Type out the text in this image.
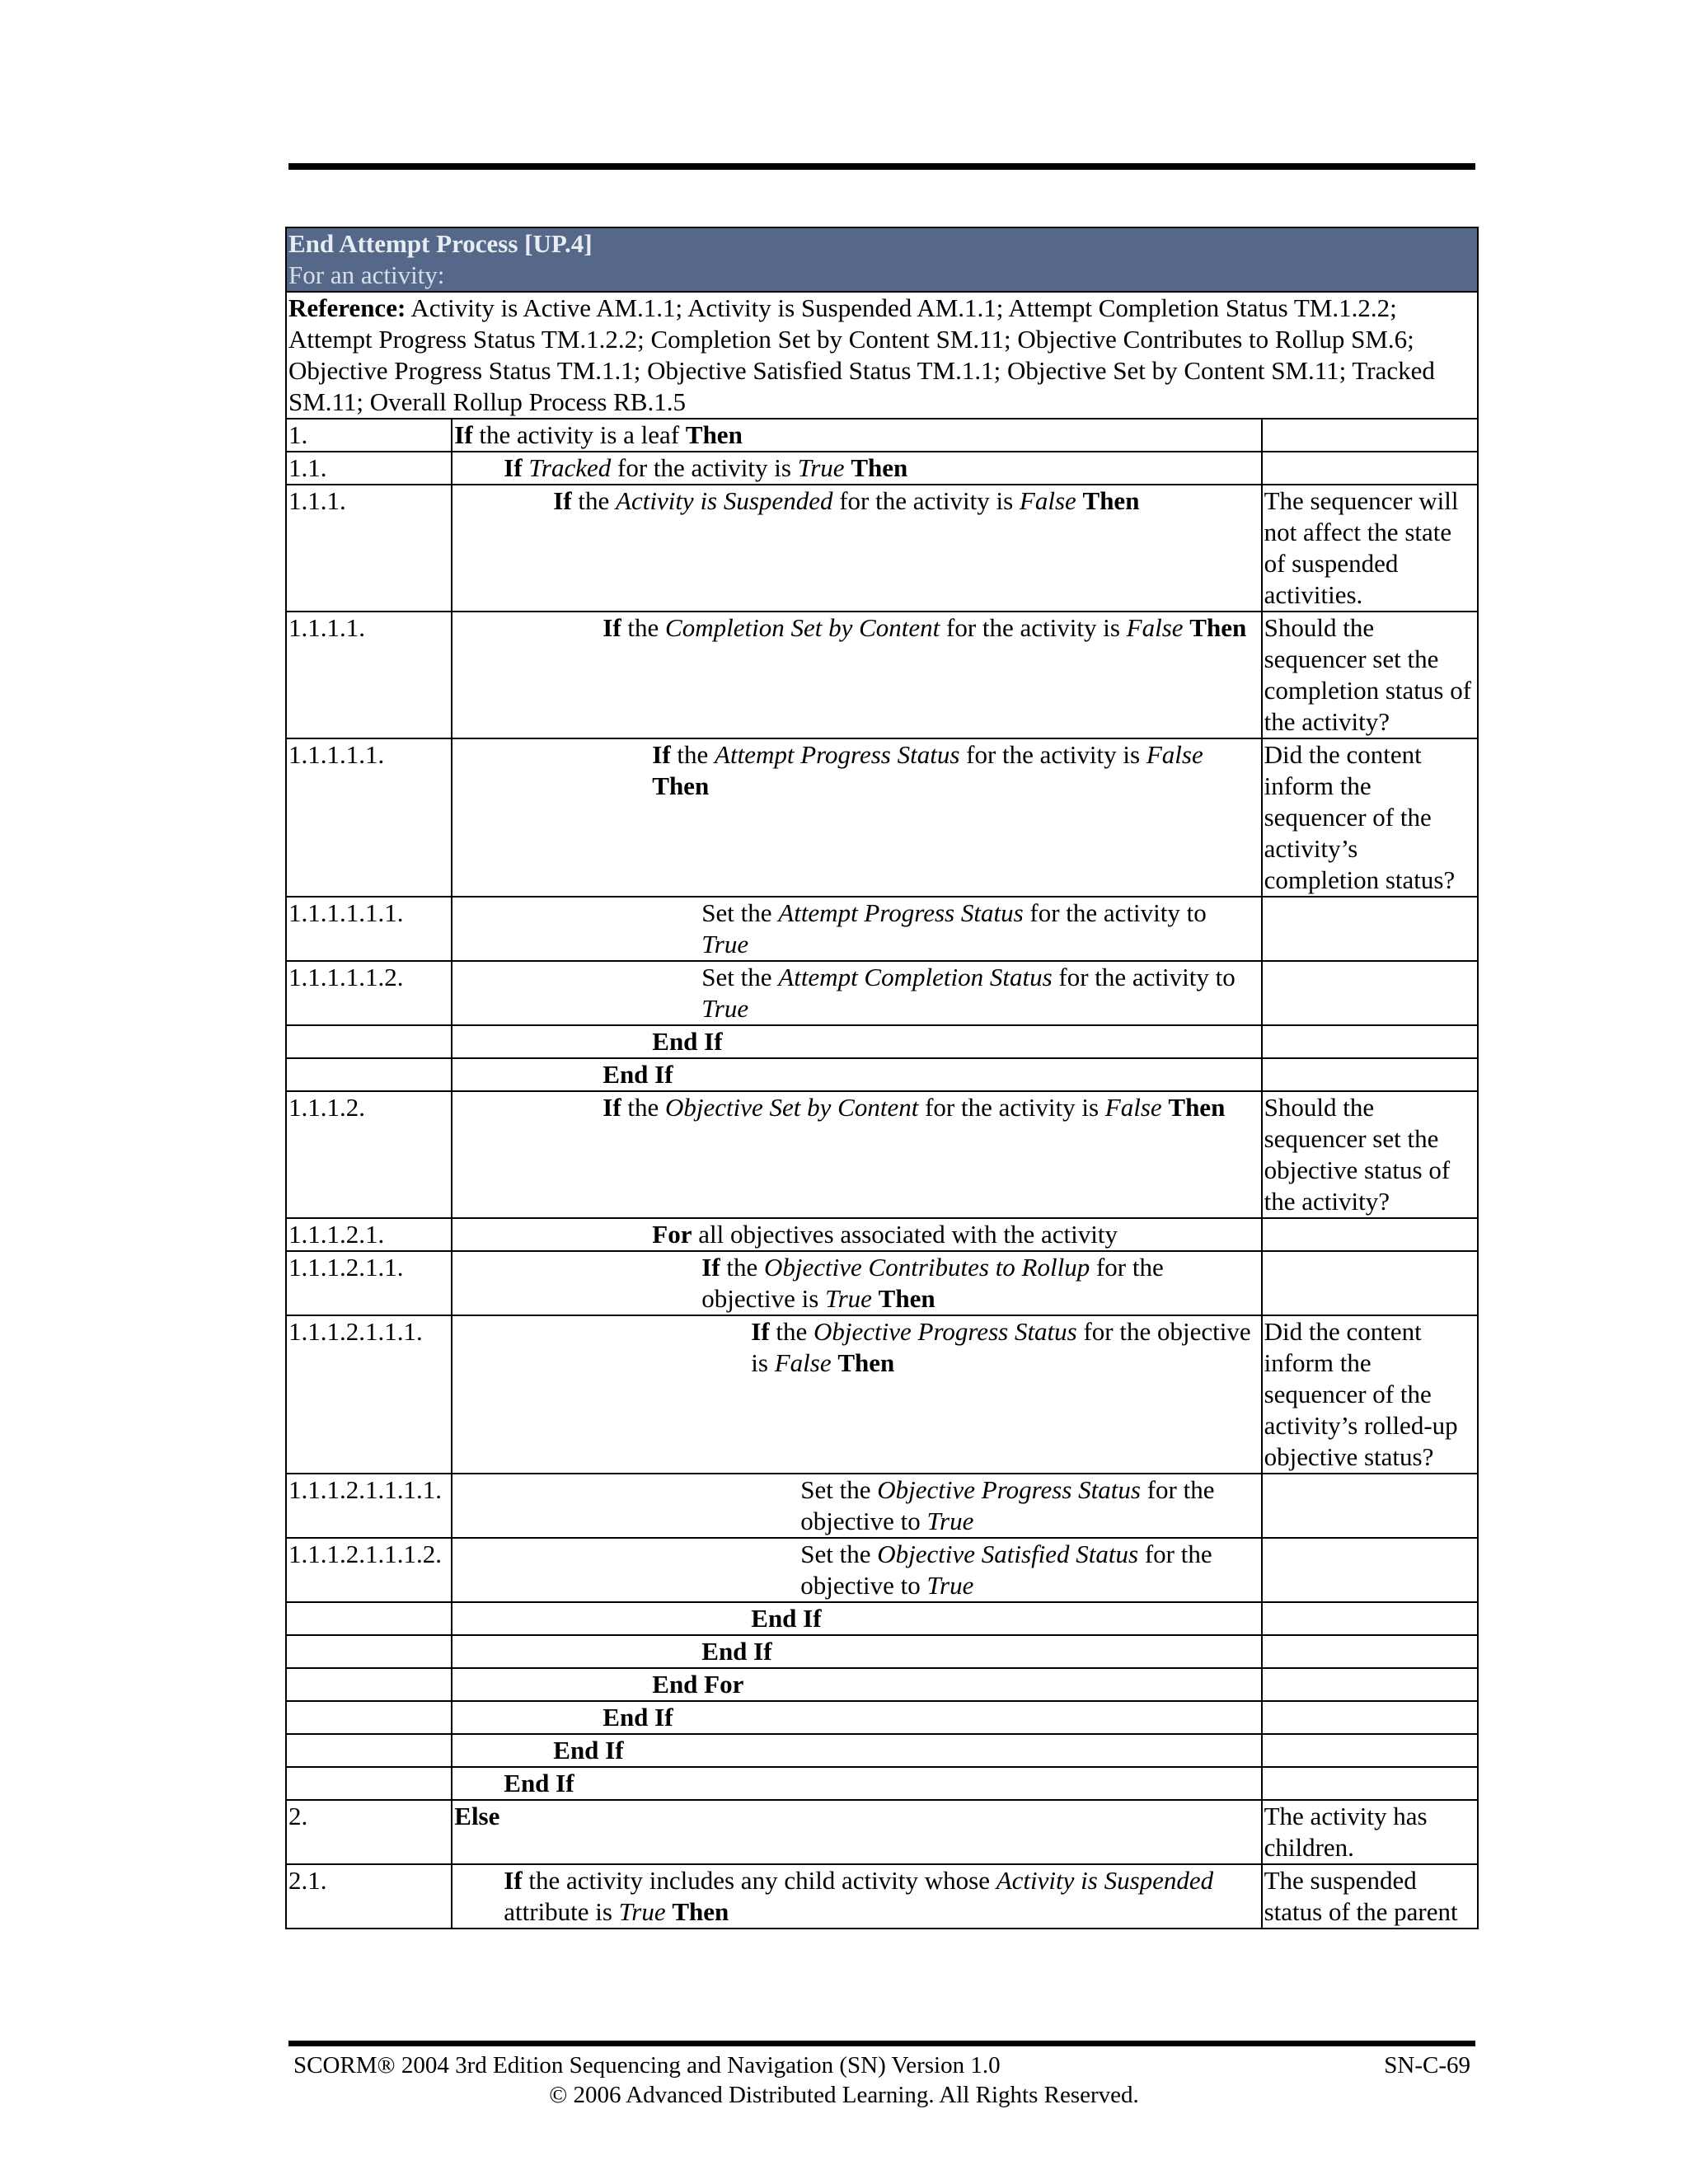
End Attempt Process [UP.4]
For an activity:		

Reference: Activity is Active AM.1.1; Activity is Suspended AM.1.1; Attempt Completion Status TM.1.2.2; Attempt Progress Status TM.1.2.2; Completion Set by Content SM.11; Objective Contributes to Rollup SM.6; Objective Progress Status TM.1.1; Objective Satisfied Status TM.1.1; Objective Set by Content SM.11; Tracked SM.11; Overall Rollup Process RB.1.5		
1.	If the activity is a leaf Then	
1.1.	If Tracked for the activity is True Then	
1.1.1.	If the Activity is Suspended for the activity is False Then	The sequencer will not affect the state of suspended activities.
1.1.1.1.	If the Completion Set by Content for the activity is False Then	Should the sequencer set the completion status of the activity?
1.1.1.1.1.	If the Attempt Progress Status for the activity is False Then	Did the content inform the sequencer of the activity’s completion status?
1.1.1.1.1.1.	Set the Attempt Progress Status for the activity to True	
1.1.1.1.1.2.	Set the Attempt Completion Status for the activity to True	
	End If	
	End If	
1.1.1.2.	If the Objective Set by Content for the activity is False Then	Should the sequencer set the objective status of the activity?
1.1.1.2.1.	For all objectives associated with the activity	
1.1.1.2.1.1.	If the Objective Contributes to Rollup for the objective is True Then	
1.1.1.2.1.1.1.	If the Objective Progress Status for the objective is False Then	Did the content inform the sequencer of the activity’s rolled-up objective status?
1.1.1.2.1.1.1.1.	Set the Objective Progress Status for the objective to True	
1.1.1.2.1.1.1.2.	Set the Objective Satisfied Status for the objective to True	
	End If	
	End If	
	End For	
	End If	
	End If	
	End If	
2.	Else	The activity has children.
2.1.	If the activity includes any child activity whose Activity is Suspended attribute is True Then	The suspended status of the parent
SCORM® 2004 3rd Edition Sequencing and Navigation (SN) Version 1.0	SN-C-69
© 2006 Advanced Distributed Learning. All Rights Reserved.
